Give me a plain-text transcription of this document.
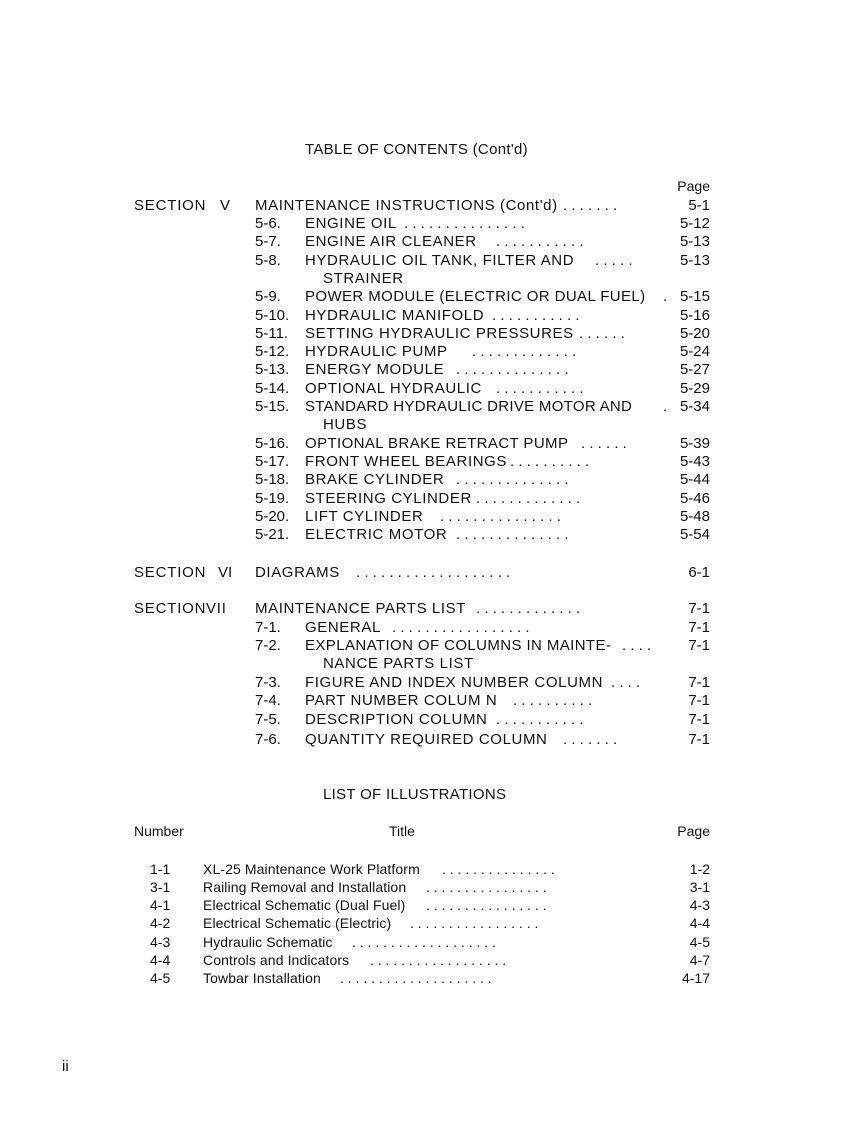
TABLE OF CONTENTS (Cont'd)
Page
SECTION V MAINTENANCE INSTRUCTIONS (Cont'd) . . . . . . .	5-1
5-6. ENGINE OIL . . . . . . . . . . . . . . .	5-12
5-7. ENGINE AIR CLEANER . . . . . . . . . . .	5-13
5-8. HYDRAULIC OIL TANK, FILTER AND . . . . .	5-13
STRAINER
5-9. POWER MODULE (ELECTRIC OR DUAL FUEL) . 5-15
5-10. HYDRAULIC MANIFOLD . . . . . . . . . . .	5-16
5-11. SETTING HYDRAULIC PRESSURES . . . . . .	5-20
5-12. HYDRAULIC PUMP . . . . . . . . . . . . .	5-24
5-13. ENERGY MODULE . . . . . . . . . . . . . .	5-27
5-14. OPTIONAL HYDRAULIC . . . . . . . . . . .	5-29
5-15. STANDARD HYDRAULIC DRIVE MOTOR AND . 5-34
HUBS
5-16. OPTIONAL BRAKE RETRACT PUMP . . . . . .	5-39
5-17. FRONT WHEEL BEARINGS . . . . . . . . . .	5-43
5-18. BRAKE CYLINDER . . . . . . . . . . . . . .	5-44
5-19. STEERING CYLINDER . . . . . . . . . . . . .	5-46
5-20. LIFT CYLINDER . . . . . . . . . . . . . . .	5-48
5-21. ELECTRIC MOTOR . . . . . . . . . . . . . .	5-54
SECTION VI DIAGRAMS . . . . . . . . . . . . . . . . . . .	6-1
SECTION VII MAINTENANCE PARTS LIST . . . . . . . . . . . . .	7-1
7-1. GENERAL . . . . . . . . . . . . . . . . .	7-1
7-2. EXPLANATION OF COLUMNS IN MAINTE- . . . . 7-1
NANCE PARTS LIST
7-3. FIGURE AND INDEX NUMBER COLUMN . . . .	7-1
7-4. PART NUMBER COLUM N . . . . . . . . . .	7-1
7-5. DESCRIPTION COLUMN . . . . . . . . . . .	7-1
7-6. QUANTITY REQUIRED COLUMN . . . . . . .	7-1
LIST OF ILLUSTRATIONS
Number	Title	Page
1-1 XL-25 Maintenance Work Platform . . . . . . . . . . . . . . .	1-2
3-1 Railing Removal and Installation . . . . . . . . . . . . . . . .	3-1
4-1 Electrical Schematic (Dual Fuel) . . . . . . . . . . . . . . . .	4-3
4-2 Electrical Schematic (Electric) . . . . . . . . . . . . . . . . .	4-4
4-3 Hydraulic Schematic . . . . . . . . . . . . . . . . . . .	4-5
4-4 Controls and Indicators . . . . . . . . . . . . . . . . . .	4-7
4-5 Towbar Installation . . . . . . . . . . . . . . . . . . . .	4-17
ii
